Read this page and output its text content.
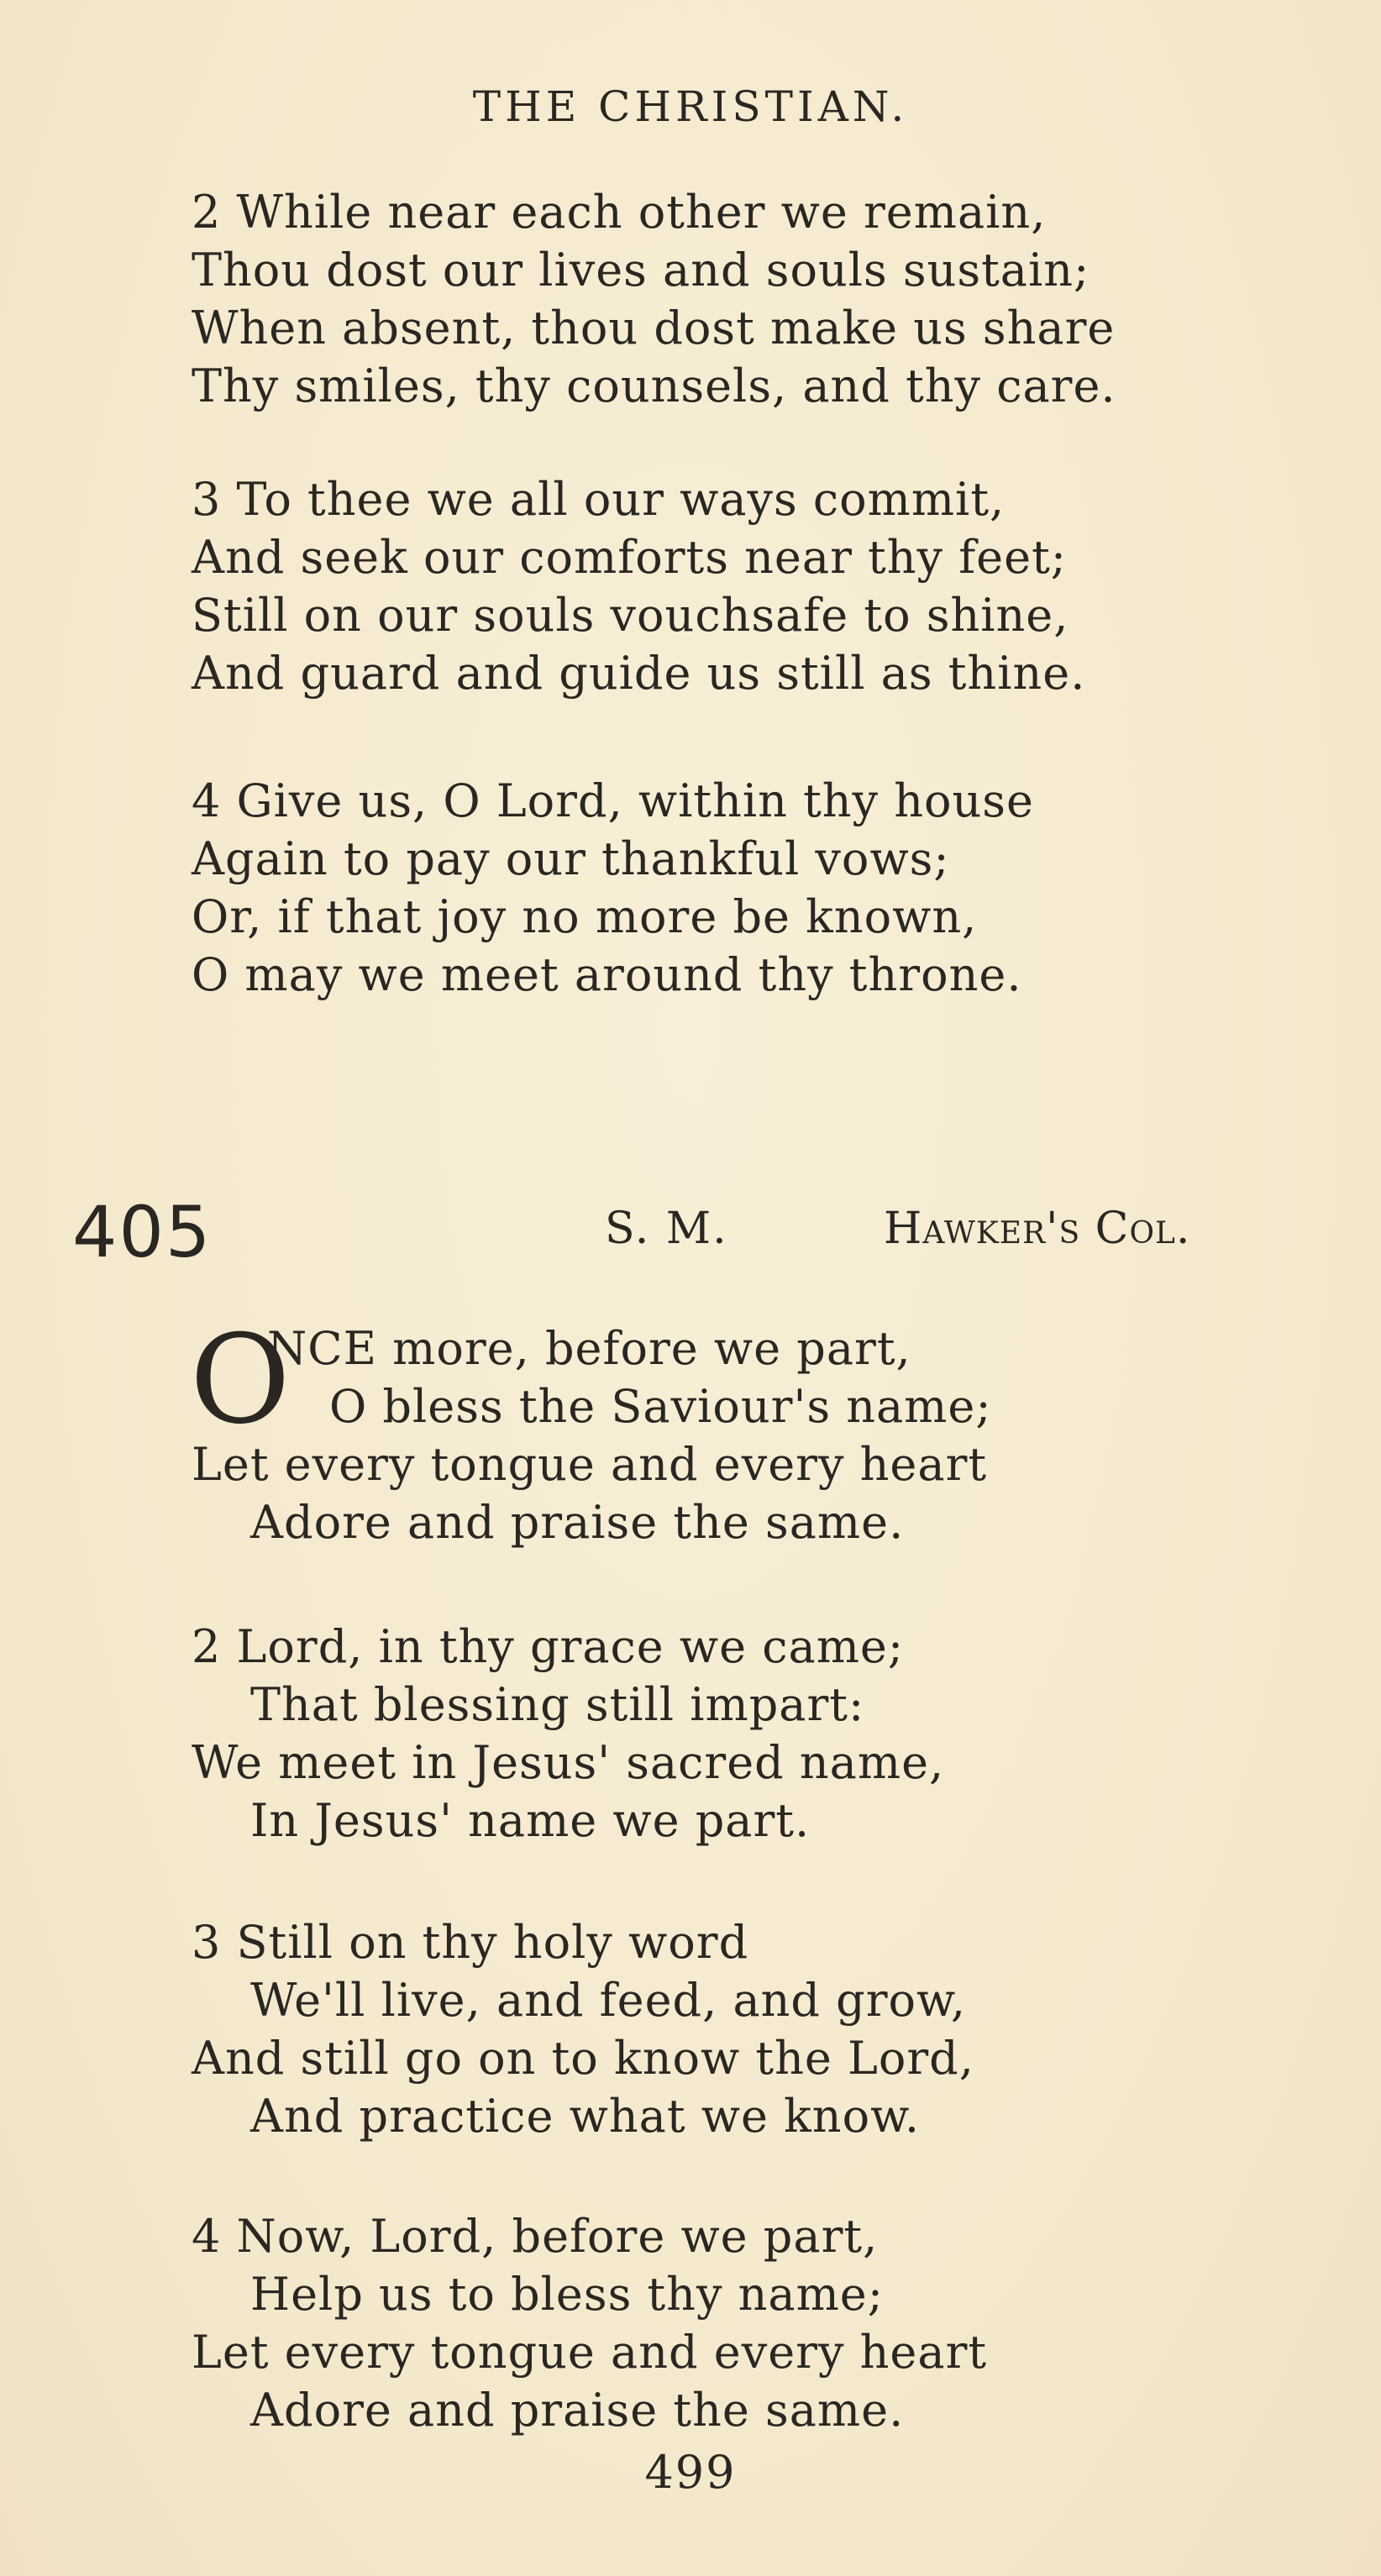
THE CHRISTIAN.
2 While near each other we remain,
Thou dost our lives and souls sustain;
When absent, thou dost make us share
Thy smiles, thy counsels, and thy care.
3 To thee we all our ways commit,
And seek our comforts near thy feet;
Still on our souls vouchsafe to shine,
And guard and guide us still as thine.
4 Give us, O Lord, within thy house
Again to pay our thankful vows;
Or, if that joy no more be known,
O may we meet around thy throne.
405	S. M.	Hawker's Col.
O
NCE more, before we part,
O bless the Saviour's name;
Let every tongue and every heart
Adore and praise the same.
2 Lord, in thy grace we came;
That blessing still impart:
We meet in Jesus' sacred name,
In Jesus' name we part.
3 Still on thy holy word
We'll live, and feed, and grow,
And still go on to know the Lord,
And practice what we know.
4 Now, Lord, before we part,
Help us to bless thy name;
Let every tongue and every heart
Adore and praise the same.
499
